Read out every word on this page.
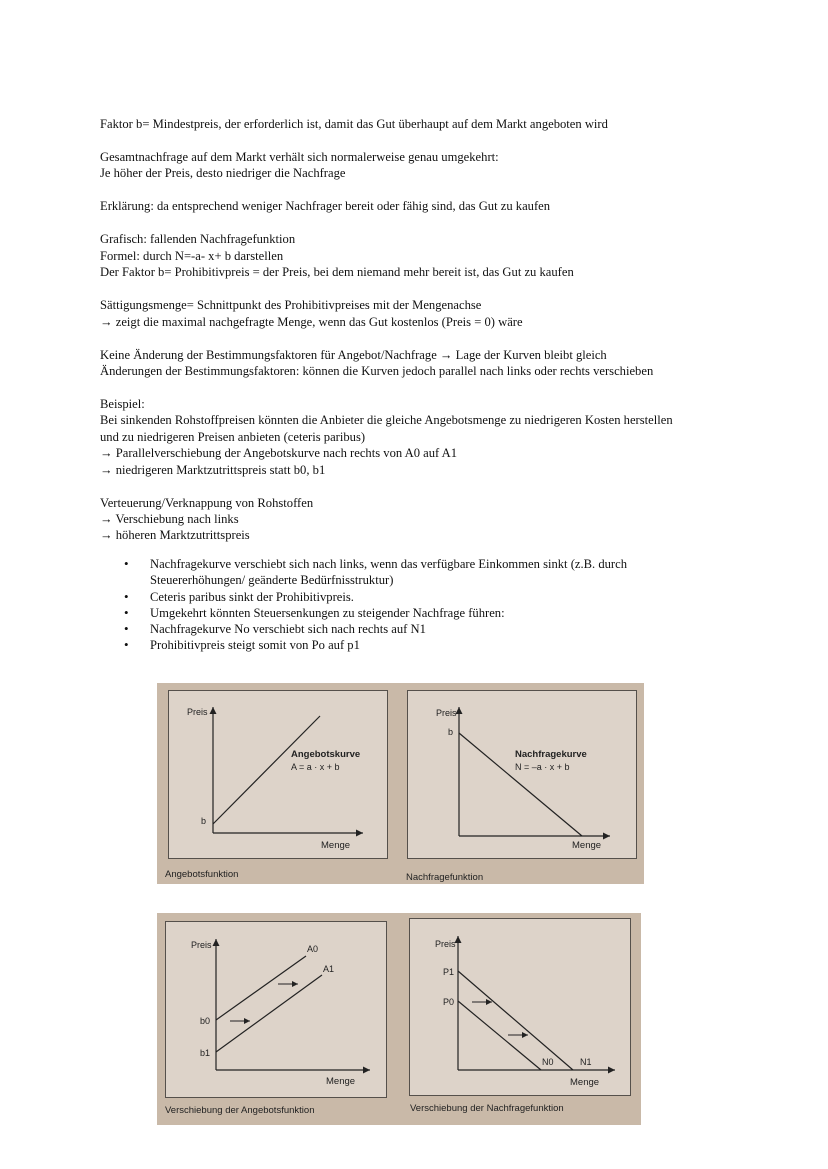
Faktor b= Mindestpreis, der erforderlich ist, damit das Gut überhaupt auf dem Markt angeboten wird

Gesamtnachfrage auf dem Markt verhält sich normalerweise genau umgekehrt:
Je höher der Preis, desto niedriger die Nachfrage

Erklärung: da entsprechend weniger Nachfrager bereit oder fähig sind, das Gut zu kaufen

Grafisch: fallenden Nachfragefunktion
Formel: durch N=-a- x+ b darstellen
Der Faktor b= Prohibitivpreis = der Preis, bei dem niemand mehr bereit ist, das Gut zu kaufen

Sättigungsmenge= Schnittpunkt des Prohibitivpreises mit der Mengenachse
→ zeigt die maximal nachgefragte Menge, wenn das Gut kostenlos (Preis = 0) wäre

Keine Änderung der Bestimmungsfaktoren für Angebot/Nachfrage → Lage der Kurven bleibt gleich
Änderungen der Bestimmungsfaktoren: können die Kurven jedoch parallel nach links oder rechts verschieben

Beispiel:
Bei sinkenden Rohstoffpreisen könnten die Anbieter die gleiche Angebotsmenge zu niedrigeren Kosten herstellen
und zu niedrigeren Preisen anbieten (ceteris paribus)
→ Parallelverschiebung der Angebotskurve nach rechts von A0 auf A1
→ niedrigeren Marktzutrittspreis statt b0, b1

Verteuerung/Verknappung von Rohstoffen
→ Verschiebung nach links
→ höheren Marktzutrittspreis

• Nachfragekurve verschiebt sich nach links, wenn das verfügbare Einkommen sinkt (z.B. durch Steuererhöhungen/ geänderte Bedürfnisstruktur)
• Ceteris paribus sinkt der Prohibitivpreis.
• Umgekehrt könnten Steuersenkungen zu steigender Nachfrage führen:
• Nachfragekurve No verschiebt sich nach rechts auf N1
• Prohibitivpreis steigt somit von Po auf p1
Preis
b
Angebotskurve
A = a · x + b
Menge
Preis
b
Nachfragekurve
N = –a · x + b
Menge
Angebotsfunktion	Nachfragefunktion
Preis	A0
A1
b0
b1
Menge
Preis
P1
P0
N0	N1
Menge
Verschiebung der Angebotsfunktion	Verschiebung der Nachfragefunktion
